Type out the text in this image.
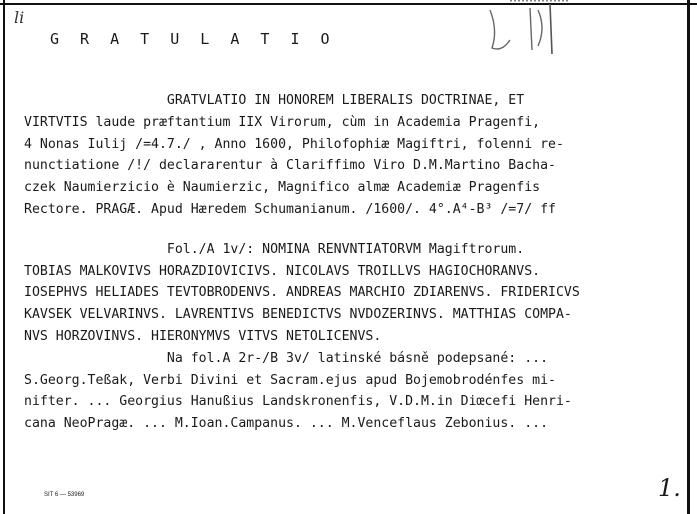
li
G R A T U L A T I O
GRATVLATIO IN HONOREM LIBERALIS DOCTRINAE, ET
VIRTVTIS laude præftantium IIX Virorum, cùm in Academia Pragenfi,
4 Nonas Iulij /=4.7./ , Anno 1600, Philofophiæ Magiftri, folenni re-
nunctiatione /!/ declararentur à Clariffimo Viro D.M.Martino Bacha-
czek Naumierzicio è Naumierzic, Magnifico almæ Academiæ Pragenfis
Rectore. PRAGÆ. Apud Hæredem Schumanianum. /1600/. 4°.A⁴-B³ /=7/ ff
Fol./A 1v/: NOMINA RENVNTIATORVM Magiftrorum.
TOBIAS MALKOVIVS HORAZDIOVICIVS. NICOLAVS TROILLVS HAGIOCHORANVS.
IOSEPHVS HELIADES TEVTOBRODENVS. ANDREAS MARCHIO ZDIARENVS. FRIDERICVS
KAVSEK VELVARINVS. LAVRENTIVS BENEDICTVS NVDOZERINVS. MATTHIAS COMPA-
NVS HORZOVINVS. HIERONYMVS VITVS NETOLICENVS.
Na fol.A 2r-/B 3v/ latinské básně podepsané: ...
S.Georg.Teßak, Verbi Divini et Sacram.ejus apud Bojemobrodénfes mi-
nifter. ... Georgius Hanußius Landskronenfis, V.D.M.in Diœcefi Henri-
cana NeoPragæ. ... M.Ioan.Campanus. ... M.Venceflaus Zebonius. ...
SIT 6 — 53969	1.
